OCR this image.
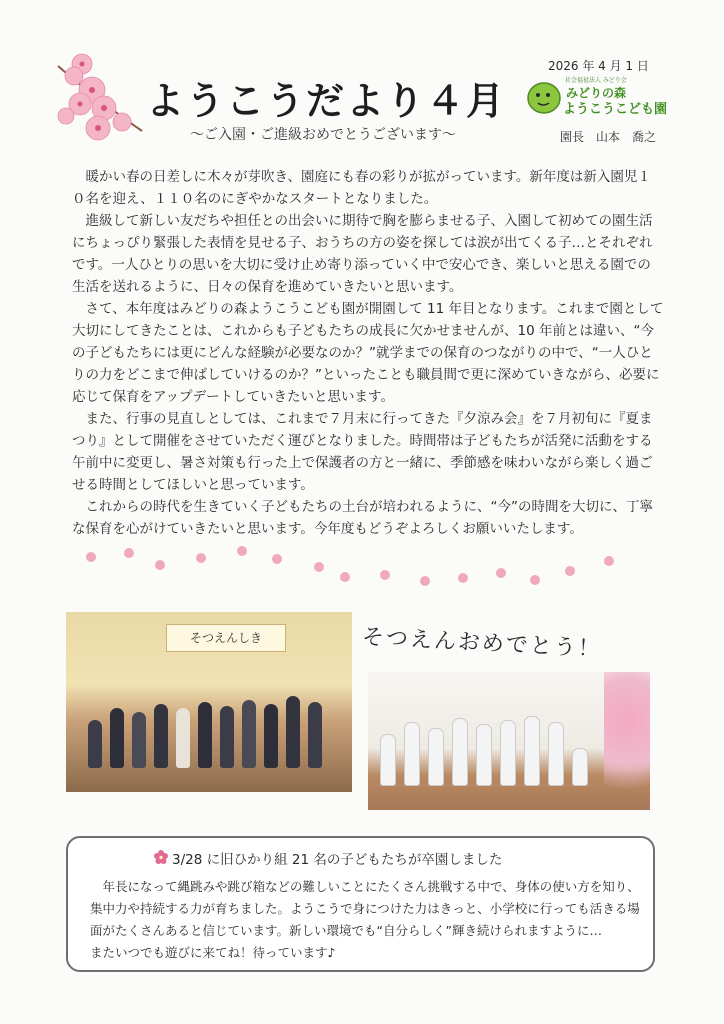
ようこうだより４月
～ご入園・ご進級おめでとうございます～
2026 年 4 月 1 日
社会福祉法人 みどり会
みどりの森
ようこうこども園
園長　山本　喬之

暖かい春の日差しに木々が芽吹き、園庭にも春の彩りが拡がっています。新年度は新入園児１０名を迎え、１１０名のにぎやかなスタートとなりました。

進級して新しい友だちや担任との出会いに期待で胸を膨らませる子、入園して初めての園生活にちょっぴり緊張した表情を見せる子、おうちの方の姿を探しては涙が出てくる子…とそれぞれです。一人ひとりの思いを大切に受け止め寄り添っていく中で安心でき、楽しいと思える園での生活を送れるように、日々の保育を進めていきたいと思います。

さて、本年度はみどりの森ようこうこども園が開園して 11 年目となります。これまで園として大切にしてきたことは、これからも子どもたちの成長に欠かせませんが、10 年前とは違い、“今の子どもたちには更にどんな経験が必要なのか？”就学までの保育のつながりの中で、“一人ひとりの力をどこまで伸ばしていけるのか？”といったことも職員間で更に深めていきながら、必要に応じて保育をアップデートしていきたいと思います。

また、行事の見直しとしては、これまで７月末に行ってきた『夕涼み会』を７月初旬に『夏まつり』として開催をさせていただく運びとなりました。時間帯は子どもたちが活発に活動をする午前中に変更し、暑さ対策も行った上で保護者の方と一緒に、季節感を味わいながら楽しく過ごせる時間としてほしいと思っています。

これからの時代を生きていく子どもたちの土台が培われるように、“今”の時間を大切に、丁寧な保育を心がけていきたいと思います。今年度もどうぞよろしくお願いいたします。

そつえんしき	そつえんおめでとう！
3/28 に旧ひかり組 21 名の子どもたちが卒園しました
年長になって縄跳みや跳び箱などの難しいことにたくさん挑戦する中で、身体の使い方を知り、
集中力や持続する力が育ちました。ようこうで身につけた力はきっと、小学校に行っても活きる場
面がたくさんあると信じています。新しい環境でも“自分らしく”輝き続けられますように…
またいつでも遊びに来てね！待っています♪
